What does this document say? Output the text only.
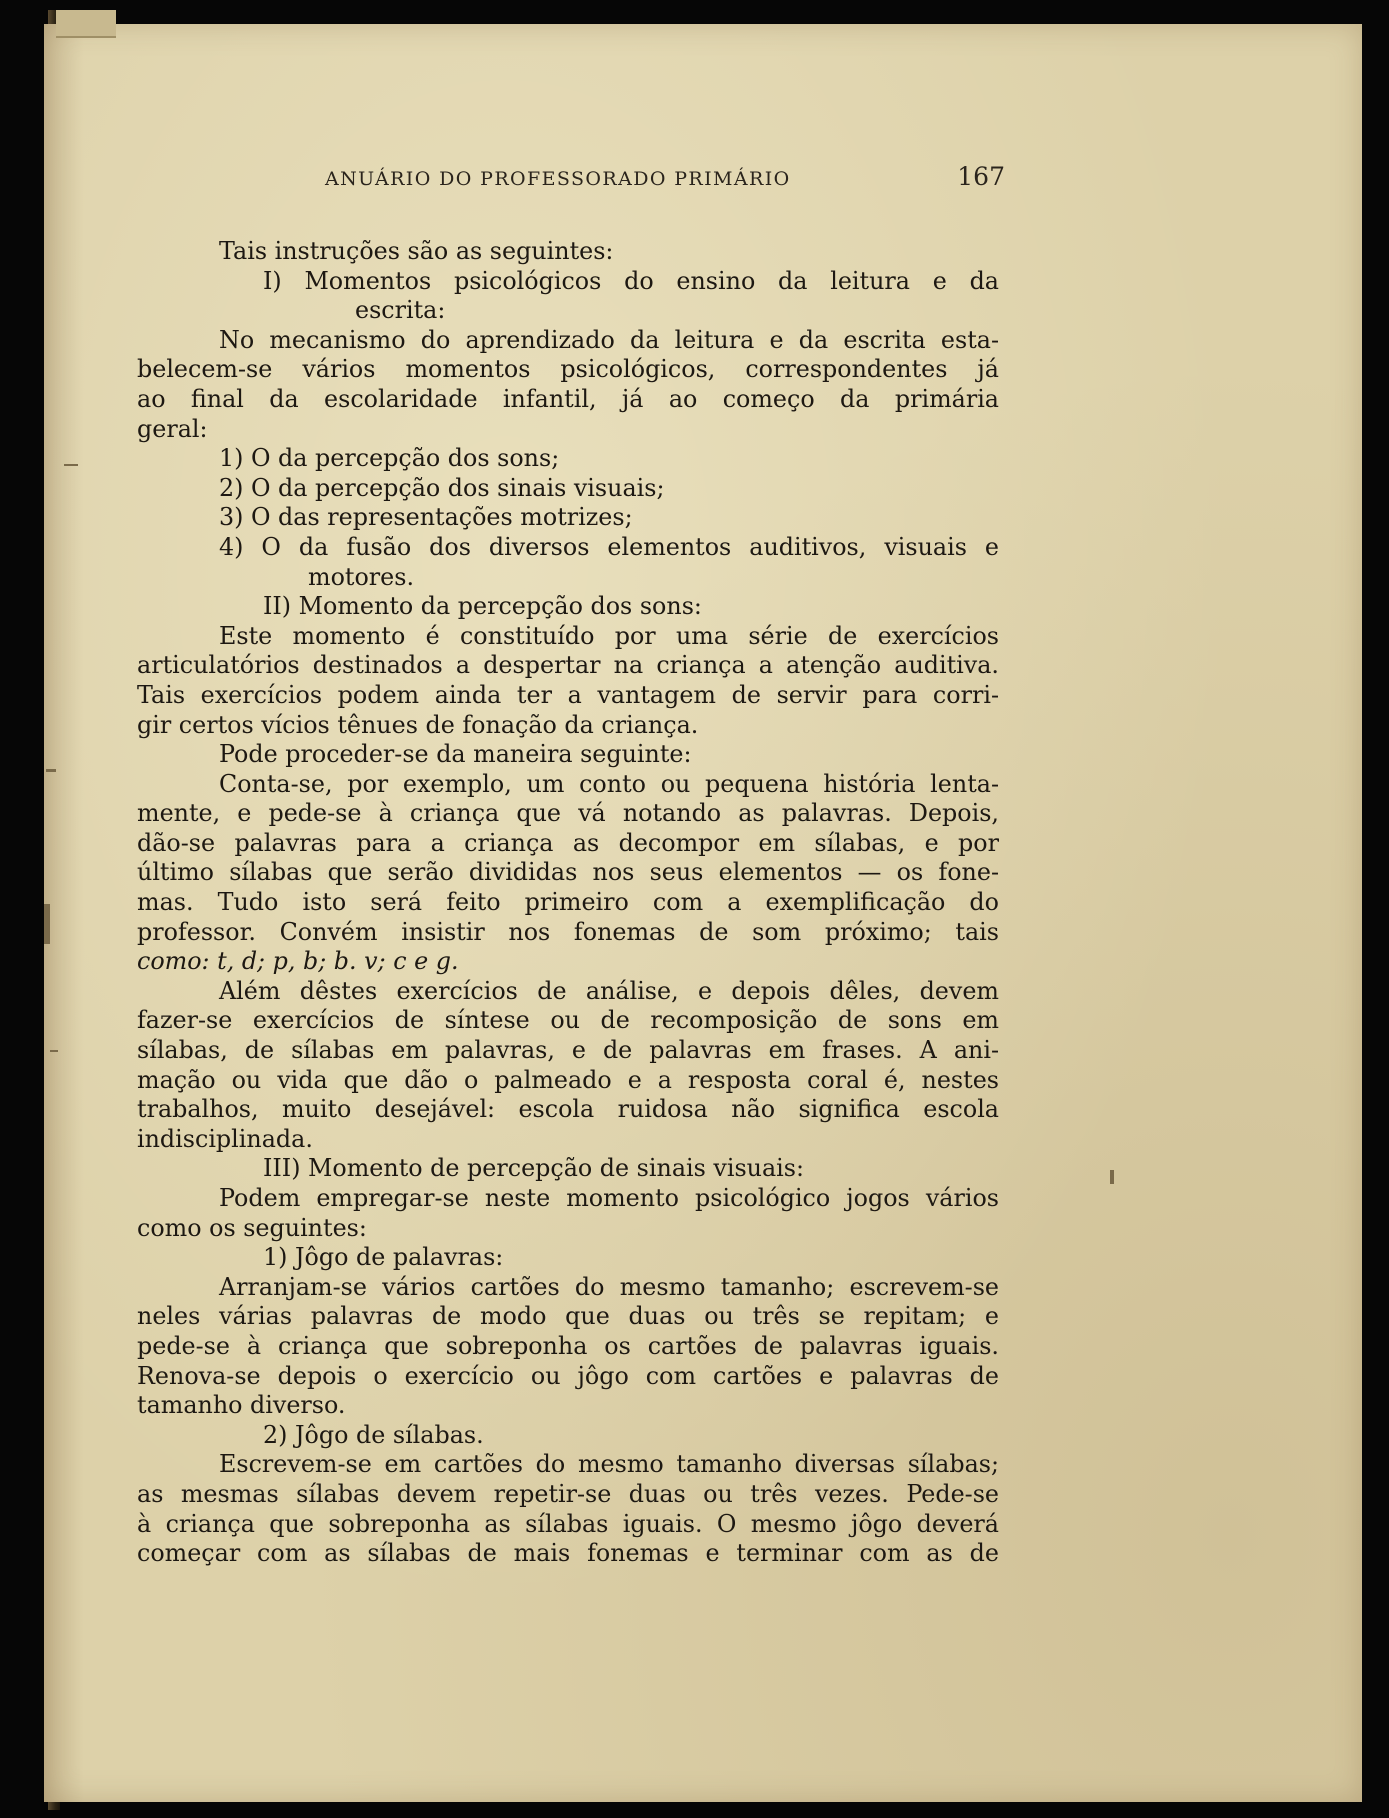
ANUÁRIO DO PROFESSORADO PRIMÁRIO	167
Tais instruções são as seguintes:
I) Momentos psicológicos do ensino da leitura e da
escrita:
No mecanismo do aprendizado da leitura e da escrita esta-
belecem-se vários momentos psicológicos, correspondentes já
ao final da escolaridade infantil, já ao começo da primária
geral:
1) O da percepção dos sons;
2) O da percepção dos sinais visuais;
3) O das representações motrizes;
4) O da fusão dos diversos elementos auditivos, visuais e
motores.
II) Momento da percepção dos sons:
Este momento é constituído por uma série de exercícios
articulatórios destinados a despertar na criança a atenção auditiva.
Tais exercícios podem ainda ter a vantagem de servir para corri-
gir certos vícios tênues de fonação da criança.
Pode proceder-se da maneira seguinte:
Conta-se, por exemplo, um conto ou pequena história lenta-
mente, e pede-se à criança que vá notando as palavras. Depois,
dão-se palavras para a criança as decompor em sílabas, e por
último sílabas que serão divididas nos seus elementos — os fone-
mas. Tudo isto será feito primeiro com a exemplificação do
professor. Convém insistir nos fonemas de som próximo; tais
como: t, d; p, b; b. v; c e g.
Além dêstes exercícios de análise, e depois dêles, devem
fazer-se exercícios de síntese ou de recomposição de sons em
sílabas, de sílabas em palavras, e de palavras em frases. A ani-
mação ou vida que dão o palmeado e a resposta coral é, nestes
trabalhos, muito desejável: escola ruidosa não significa escola
indisciplinada.
III) Momento de percepção de sinais visuais:
Podem empregar-se neste momento psicológico jogos vários
como os seguintes:
1) Jôgo de palavras:
Arranjam-se vários cartões do mesmo tamanho; escrevem-se
neles várias palavras de modo que duas ou três se repitam; e
pede-se à criança que sobreponha os cartões de palavras iguais.
Renova-se depois o exercício ou jôgo com cartões e palavras de
tamanho diverso.
2) Jôgo de sílabas.
Escrevem-se em cartões do mesmo tamanho diversas sílabas;
as mesmas sílabas devem repetir-se duas ou três vezes. Pede-se
à criança que sobreponha as sílabas iguais. O mesmo jôgo deverá
começar com as sílabas de mais fonemas e terminar com as de
